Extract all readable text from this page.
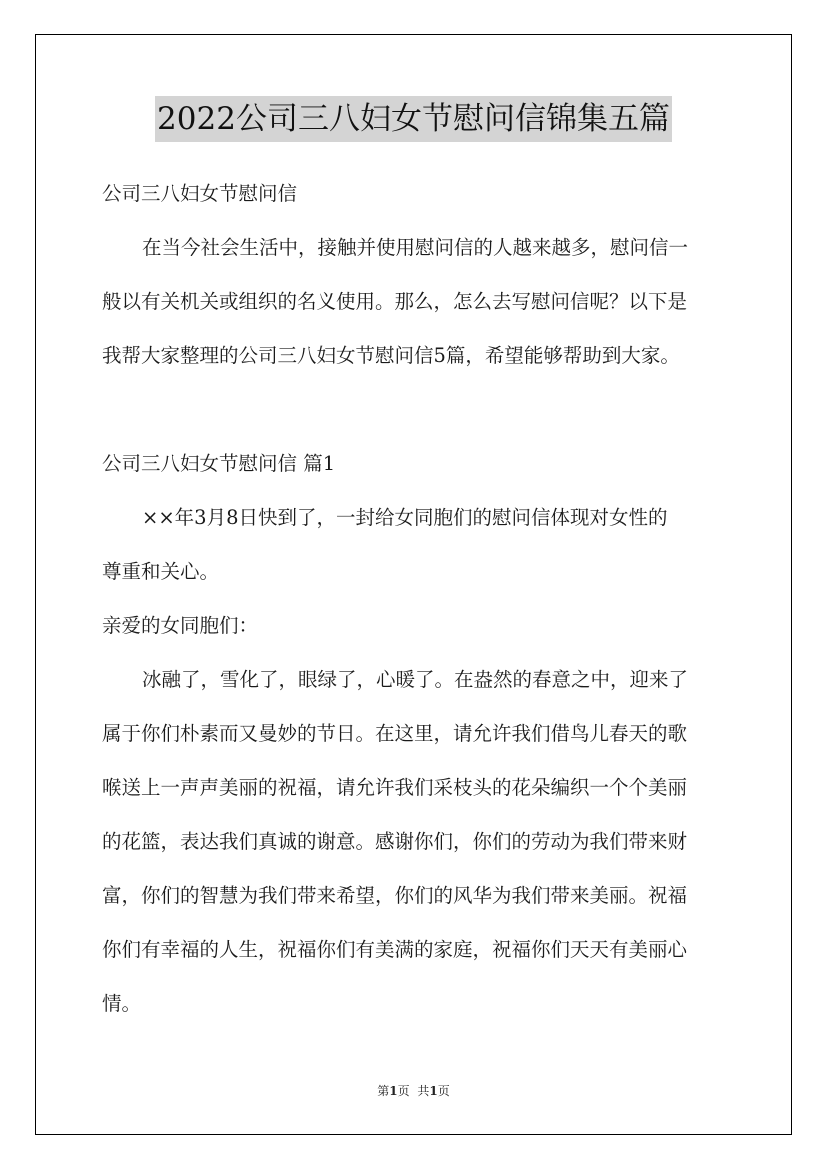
2022公司三八妇女节慰问信锦集五篇
公司三八妇女节慰问信
在当今社会生活中，接触并使用慰问信的人越来越多，慰问信一
般以有关机关或组织的名义使用。那么，怎么去写慰问信呢？以下是
我帮大家整理的公司三八妇女节慰问信5篇，希望能够帮助到大家。
公司三八妇女节慰问信 篇1
××年3月8日快到了，一封给女同胞们的慰问信体现对女性的
尊重和关心。
亲爱的女同胞们：
冰融了，雪化了，眼绿了，心暖了。在盎然的春意之中，迎来了
属于你们朴素而又曼妙的节日。在这里，请允许我们借鸟儿春天的歌
喉送上一声声美丽的祝福，请允许我们采枝头的花朵编织一个个美丽
的花篮，表达我们真诚的谢意。感谢你们，你们的劳动为我们带来财
富，你们的智慧为我们带来希望，你们的风华为我们带来美丽。祝福
你们有幸福的人生，祝福你们有美满的家庭，祝福你们天天有美丽心
情。
第1页 共1页
